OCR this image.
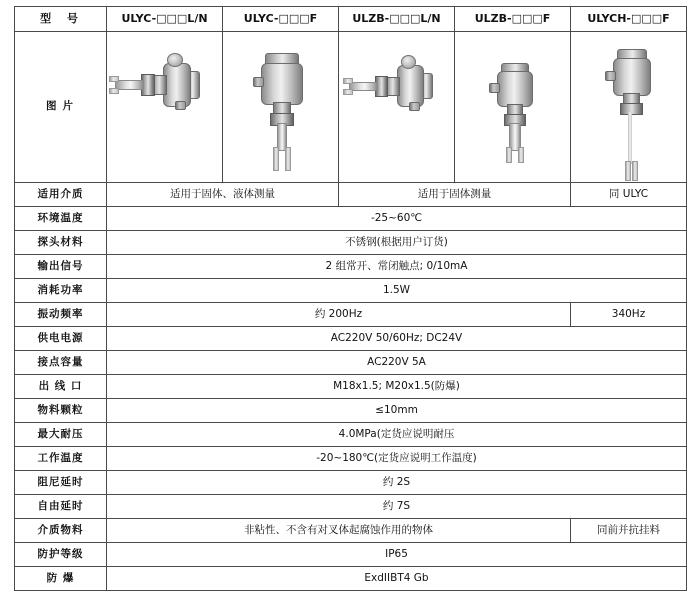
型 号	ULYC-□□□L/N	ULYC-□□□F	ULZB-□□□L/N	ULZB-□□□F	ULYCH-□□□F
图片	

适用介质	适用于固体、液体测量		适用于固体测量		同 ULYC
环境温度	-25~60℃				
探头材料	不锈钢(根据用户订货)				
输出信号	2 组常开、常闭触点; 0/10mA				
消耗功率	1.5W				
振动频率	约 200Hz				340Hz
供电电源	AC220V 50/60Hz; DC24V				
接点容量	AC220V 5A				
出 线 口	M18x1.5; M20x1.5(防爆)				
物料颗粒	≤10mm				
最大耐压	4.0MPa(定货应说明耐压				
工作温度	-20~180℃(定货应说明工作温度)				
阻尼延时	约 2S				
自由延时	约 7S				
介质物料	非粘性、不含有对叉体起腐蚀作用的物体				同前并抗挂料
防护等级	IP65				
防 爆	ExdIIBT4 Gb				
